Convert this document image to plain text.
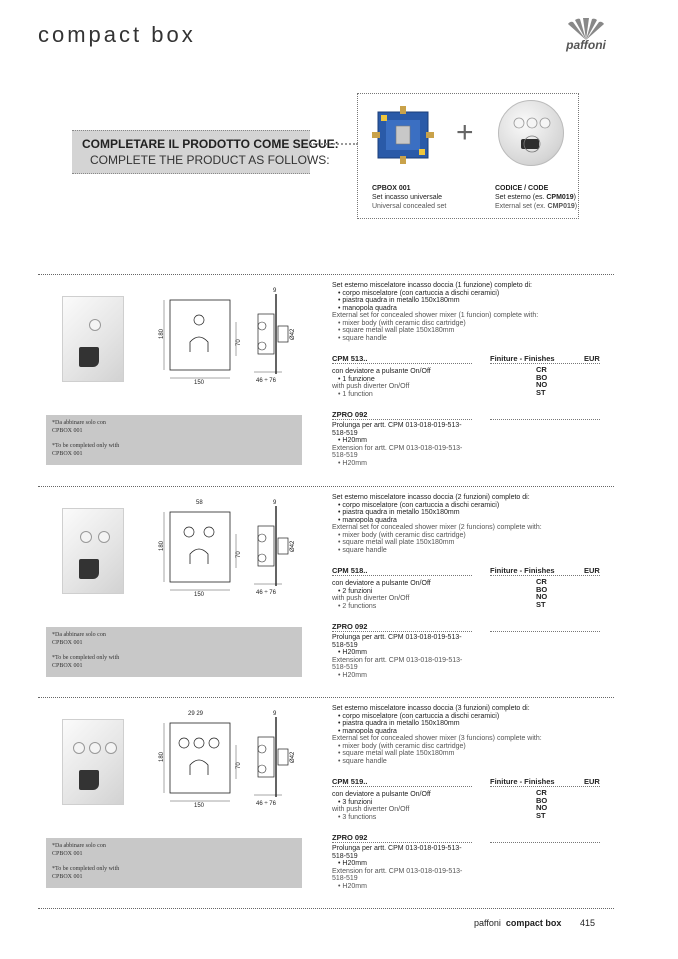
compact box	paffoni
COMPLETARE IL PRODOTTO COME SEGUE:
COMPLETE THE PRODUCT AS FOLLOWS:
+
CPBOX 001
Set incasso universale
Universal concealed set
CODICE / CODE
Set esterno (es. CPM019)
External set (ex. CMP019)
9
180
150
70
46 ÷ 76
Ø42
*Da abbinare solo con
CPBOX 001
*To be completed only with
CPBOX 001
Set esterno miscelatore incasso doccia (1 funzione) completo di:
• corpo miscelatore (con cartuccia a dischi ceramici)
• piastra quadra in metallo 150x180mm
• manopola quadra
External set for concealed shower mixer (1 funcion) complete with:
• mixer body (with ceramic disc cartridge)
• square metal wall plate 150x180mm
• square handle
CPM 513..	Finiture - Finishes	EUR
CR
BO
NO
ST
con deviatore a pulsante On/Off
• 1 funzione
with push diverter On/Off
• 1 function
ZPRO 092
Prolunga per artt. CPM 013-018-019-513-
518-519
• H20mm
Extension for artt. CPM 013-018-019-513-
518-519
• H20mm
58	9
180
150
70
46 ÷ 76
Ø42
*Da abbinare solo con
CPBOX 001
*To be completed only with
CPBOX 001
Set esterno miscelatore incasso doccia (2 funzioni) completo di:
• corpo miscelatore (con cartuccia a dischi ceramici)
• piastra quadra in metallo 150x180mm
• manopola quadra
External set for concealed shower mixer (2 funcions) complete with:
• mixer body (with ceramic disc cartridge)
• square metal wall plate 150x180mm
• square handle
CPM 518..	Finiture - Finishes	EUR
CR
BO
NO
ST
con deviatore a pulsante On/Off
• 2 funzioni
with push diverter On/Off
• 2 functions
ZPRO 092
Prolunga per artt. CPM 013-018-019-513-
518-519
• H20mm
Extension for artt. CPM 013-018-019-513-
518-519
• H20mm
29 29	9
180
150
70
46 ÷ 76
Ø42
*Da abbinare solo con
CPBOX 001
*To be completed only with
CPBOX 001
Set esterno miscelatore incasso doccia (3 funzioni) completo di:
• corpo miscelatore (con cartuccia a dischi ceramici)
• piastra quadra in metallo 150x180mm
• manopola quadra
External set for concealed shower mixer (3 funcions) complete with:
• mixer body (with ceramic disc cartridge)
• square metal wall plate 150x180mm
• square handle
CPM 519..	Finiture - Finishes	EUR
CR
BO
NO
ST
con deviatore a pulsante On/Off
• 3 funzioni
with push diverter On/Off
• 3 functions
ZPRO 092
Prolunga per artt. CPM 013-018-019-513-
518-519
• H20mm
Extension for artt. CPM 013-018-019-513-
518-519
• H20mm
paffoni compact box 415
